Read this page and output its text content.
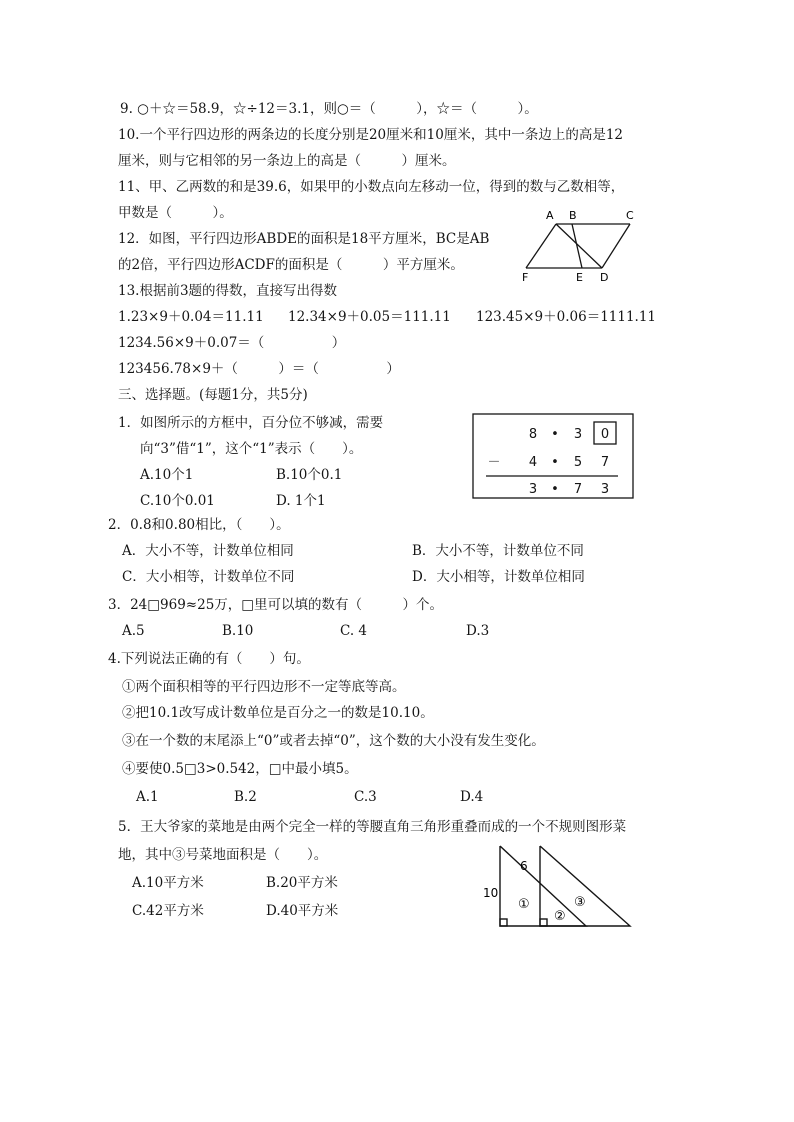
9. ○＋☆＝58.9，☆÷12＝3.1，则○＝（　　　），☆＝（　　　）。
10.一个平行四边形的两条边的长度分别是20厘米和10厘米，其中一条边上的高是12
厘米，则与它相邻的另一条边上的高是（　　　）厘米。
11、甲、乙两数的和是39.6，如果甲的小数点向左移动一位，得到的数与乙数相等，
甲数是（　　　）。
12．如图，平行四边形ABDE的面积是18平方厘米，BC是AB
的2倍，平行四边形ACDF的面积是（　　　）平方厘米。
A B	C
F	E D
13.根据前3题的得数，直接写出得数
1.23×9＋0.04＝11.11 12.34×9＋0.05＝111.11 123.45×9＋0.06＝1111.11
1234.56×9＋0.07＝（　　　　　）
123456.78×9＋（　　　）＝（　　　　　）
三、选择题。(每题1分，共5分)
1．如图所示的方框中，百分位不够减，需要
向“3”借“1”，这个“1”表示（　　）。
A.10个1	B.10个0.1
C.10个0.01	D. 1个1
8 • 3 0
－ 4 • 5 7
3 • 7 3
2．0.8和0.80相比，（　　）。
A．大小不等，计数单位相同	B．大小不等，计数单位不同
C．大小相等，计数单位不同	D．大小相等，计数单位相同
3．24□969≈25万，□里可以填的数有（　　　）个。
A.5	B.10	C. 4	D.3
4.下列说法正确的有（　　）句。
①两个面积相等的平行四边形不一定等底等高。
②把10.1改写成计数单位是百分之一的数是10.10。
③在一个数的末尾添上“0”或者去掉“0”，这个数的大小没有发生变化。
④要使0.5□3>0.542，□中最小填5。
A.1	B.2	C.3	D.4
5．王大爷家的菜地是由两个完全一样的等腰直角三角形重叠而成的一个不规则图形菜
地，其中③号菜地面积是（　　）。
A.10平方米	B.20平方米
C.42平方米	D.40平方米
6
10
①
②
③
